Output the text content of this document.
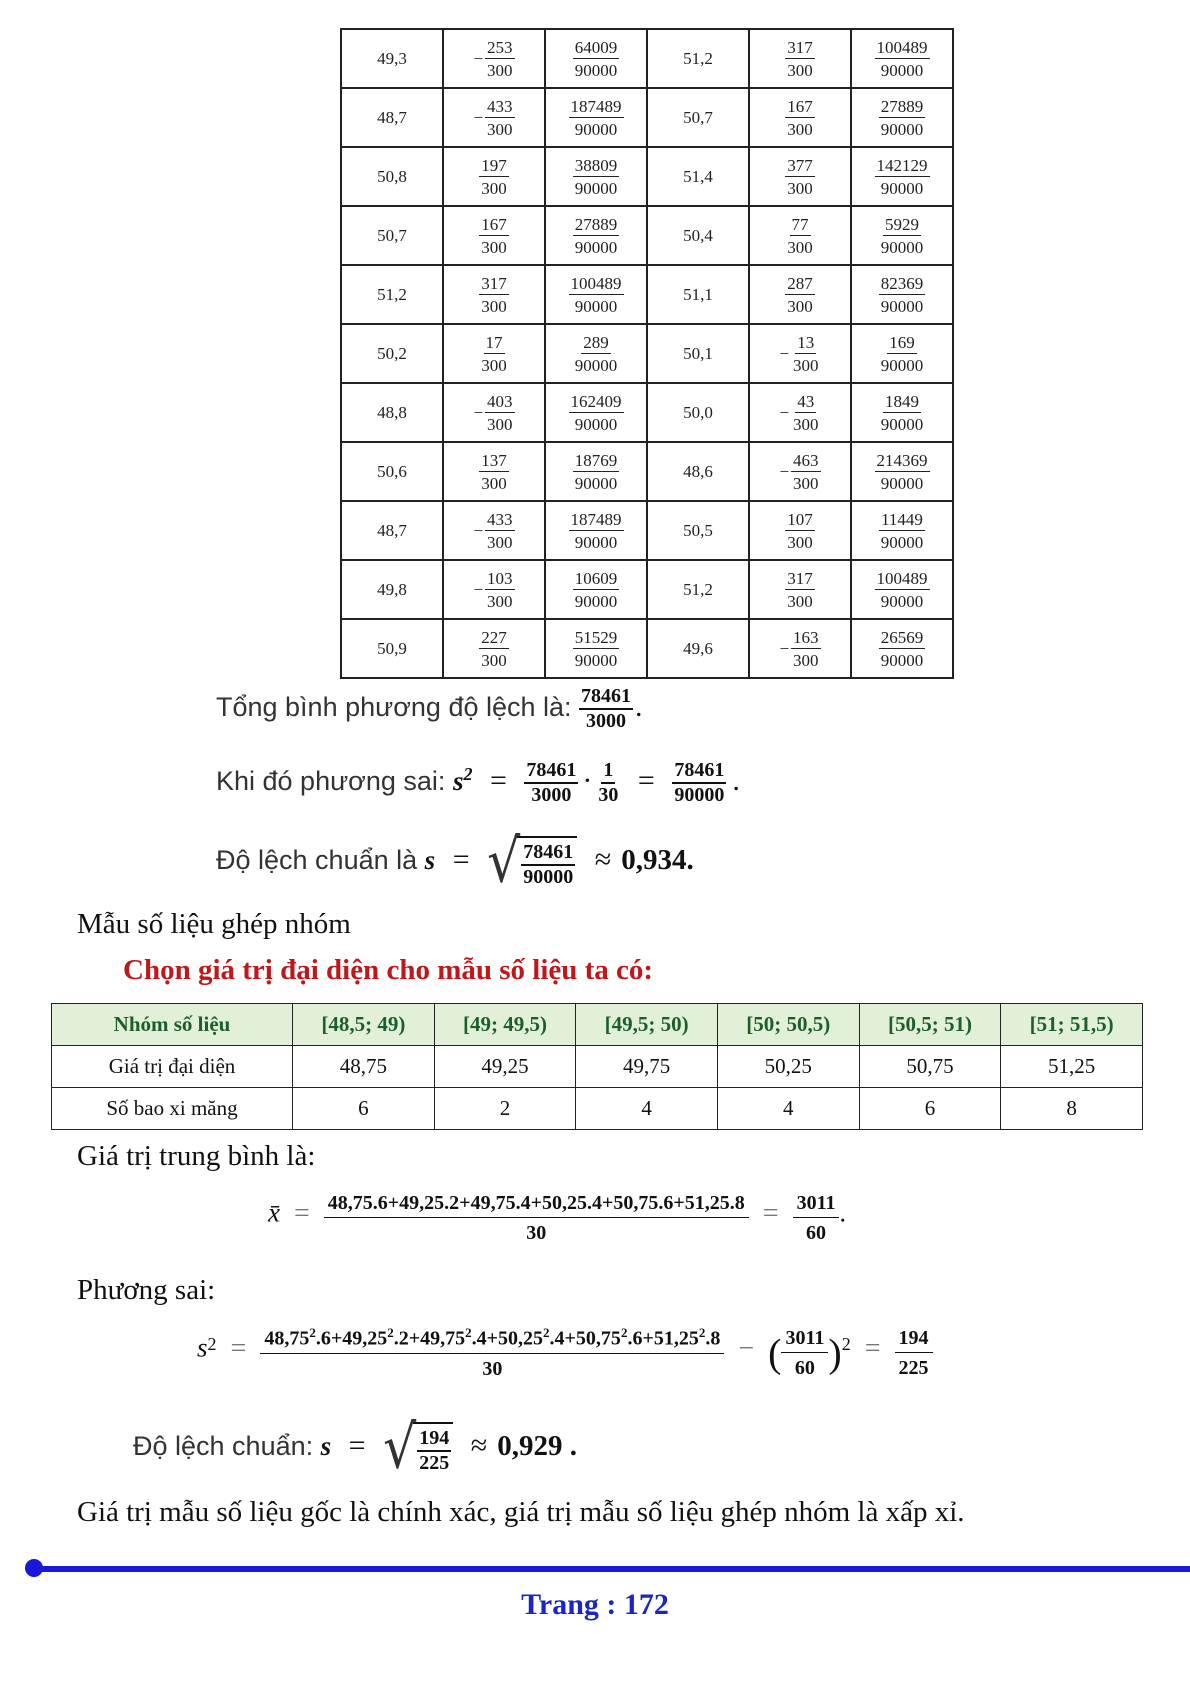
49,3	− $\frac{253}{300}$	$\frac{64009}{90000}$	51,2	$\frac{317}{300}$	$\frac{100489}{90000}$

48,7	− $\frac{433}{300}$	$\frac{187489}{90000}$	50,7	$\frac{167}{300}$	$\frac{27889}{90000}$

50,8	$\frac{197}{300}$	$\frac{38809}{90000}$	51,4	$\frac{377}{300}$	$\frac{142129}{90000}$

50,7	$\frac{167}{300}$	$\frac{27889}{90000}$	50,4	$\frac{77}{300}$	$\frac{5929}{90000}$

51,2	$\frac{317}{300}$	$\frac{100489}{90000}$	51,1	$\frac{287}{300}$	$\frac{82369}{90000}$

50,2	$\frac{17}{300}$	$\frac{289}{90000}$	50,1	− $\frac{13}{300}$	$\frac{169}{90000}$

48,8	− $\frac{403}{300}$	$\frac{162409}{90000}$	50,0	− $\frac{43}{300}$	$\frac{1849}{90000}$

50,6	$\frac{137}{300}$	$\frac{18769}{90000}$	48,6	− $\frac{463}{300}$	$\frac{214369}{90000}$

48,7	− $\frac{433}{300}$	$\frac{187489}{90000}$	50,5	$\frac{107}{300}$	$\frac{11449}{90000}$

49,8	− $\frac{103}{300}$	$\frac{10609}{90000}$	51,2	$\frac{317}{300}$	$\frac{100489}{90000}$

50,9	$\frac{227}{300}$	$\frac{51529}{90000}$	49,6	− $\frac{163}{300}$	$\frac{26569}{90000}$
Tổng bình phương độ lệch là: $\frac{78461}{3000}$ .
Khi đó phương sai: $s^2 = \frac{78461}{3000} \cdot \frac{1}{30} = \frac{78461}{90000}$ .
Độ lệch chuẩn là s = √ $\frac{78461}{90000} \approx 0,934$.
Mẫu số liệu ghép nhóm
Chọn giá trị đại diện cho mẫu số liệu ta có:
Nhóm số liệu	[48,5; 49)	[49; 49,5)	[49,5; 50)	[50; 50,5)	[50,5; 51)	[51; 51,5)
Giá trị đại diện	48,75	49,25	49,75	50,25	50,75	51,25
Số bao xi măng	6	2	4	4	6	8
Giá trị trung bình là:
x̄ = $\frac{48,75.6+49,25.2+49,75.4+50,25.4+50,75.6+51,25.8}{30} = \frac{3011}{60}$ .
Phương sai:
$s^2 = \frac{48,75^2.6+49,25^2.2+49,75^2.4+50,25^2.4+50,75^2.6+51,25^2.8}{30}$ − ( $\frac{3011}{60} )^2 = \frac{194}{225}$
Độ lệch chuẩn: s = √ $\frac{194}{225} \approx 0,929$ .
Giá trị mẫu số liệu gốc là chính xác, giá trị mẫu số liệu ghép nhóm là xấp xỉ.
Trang : 172
